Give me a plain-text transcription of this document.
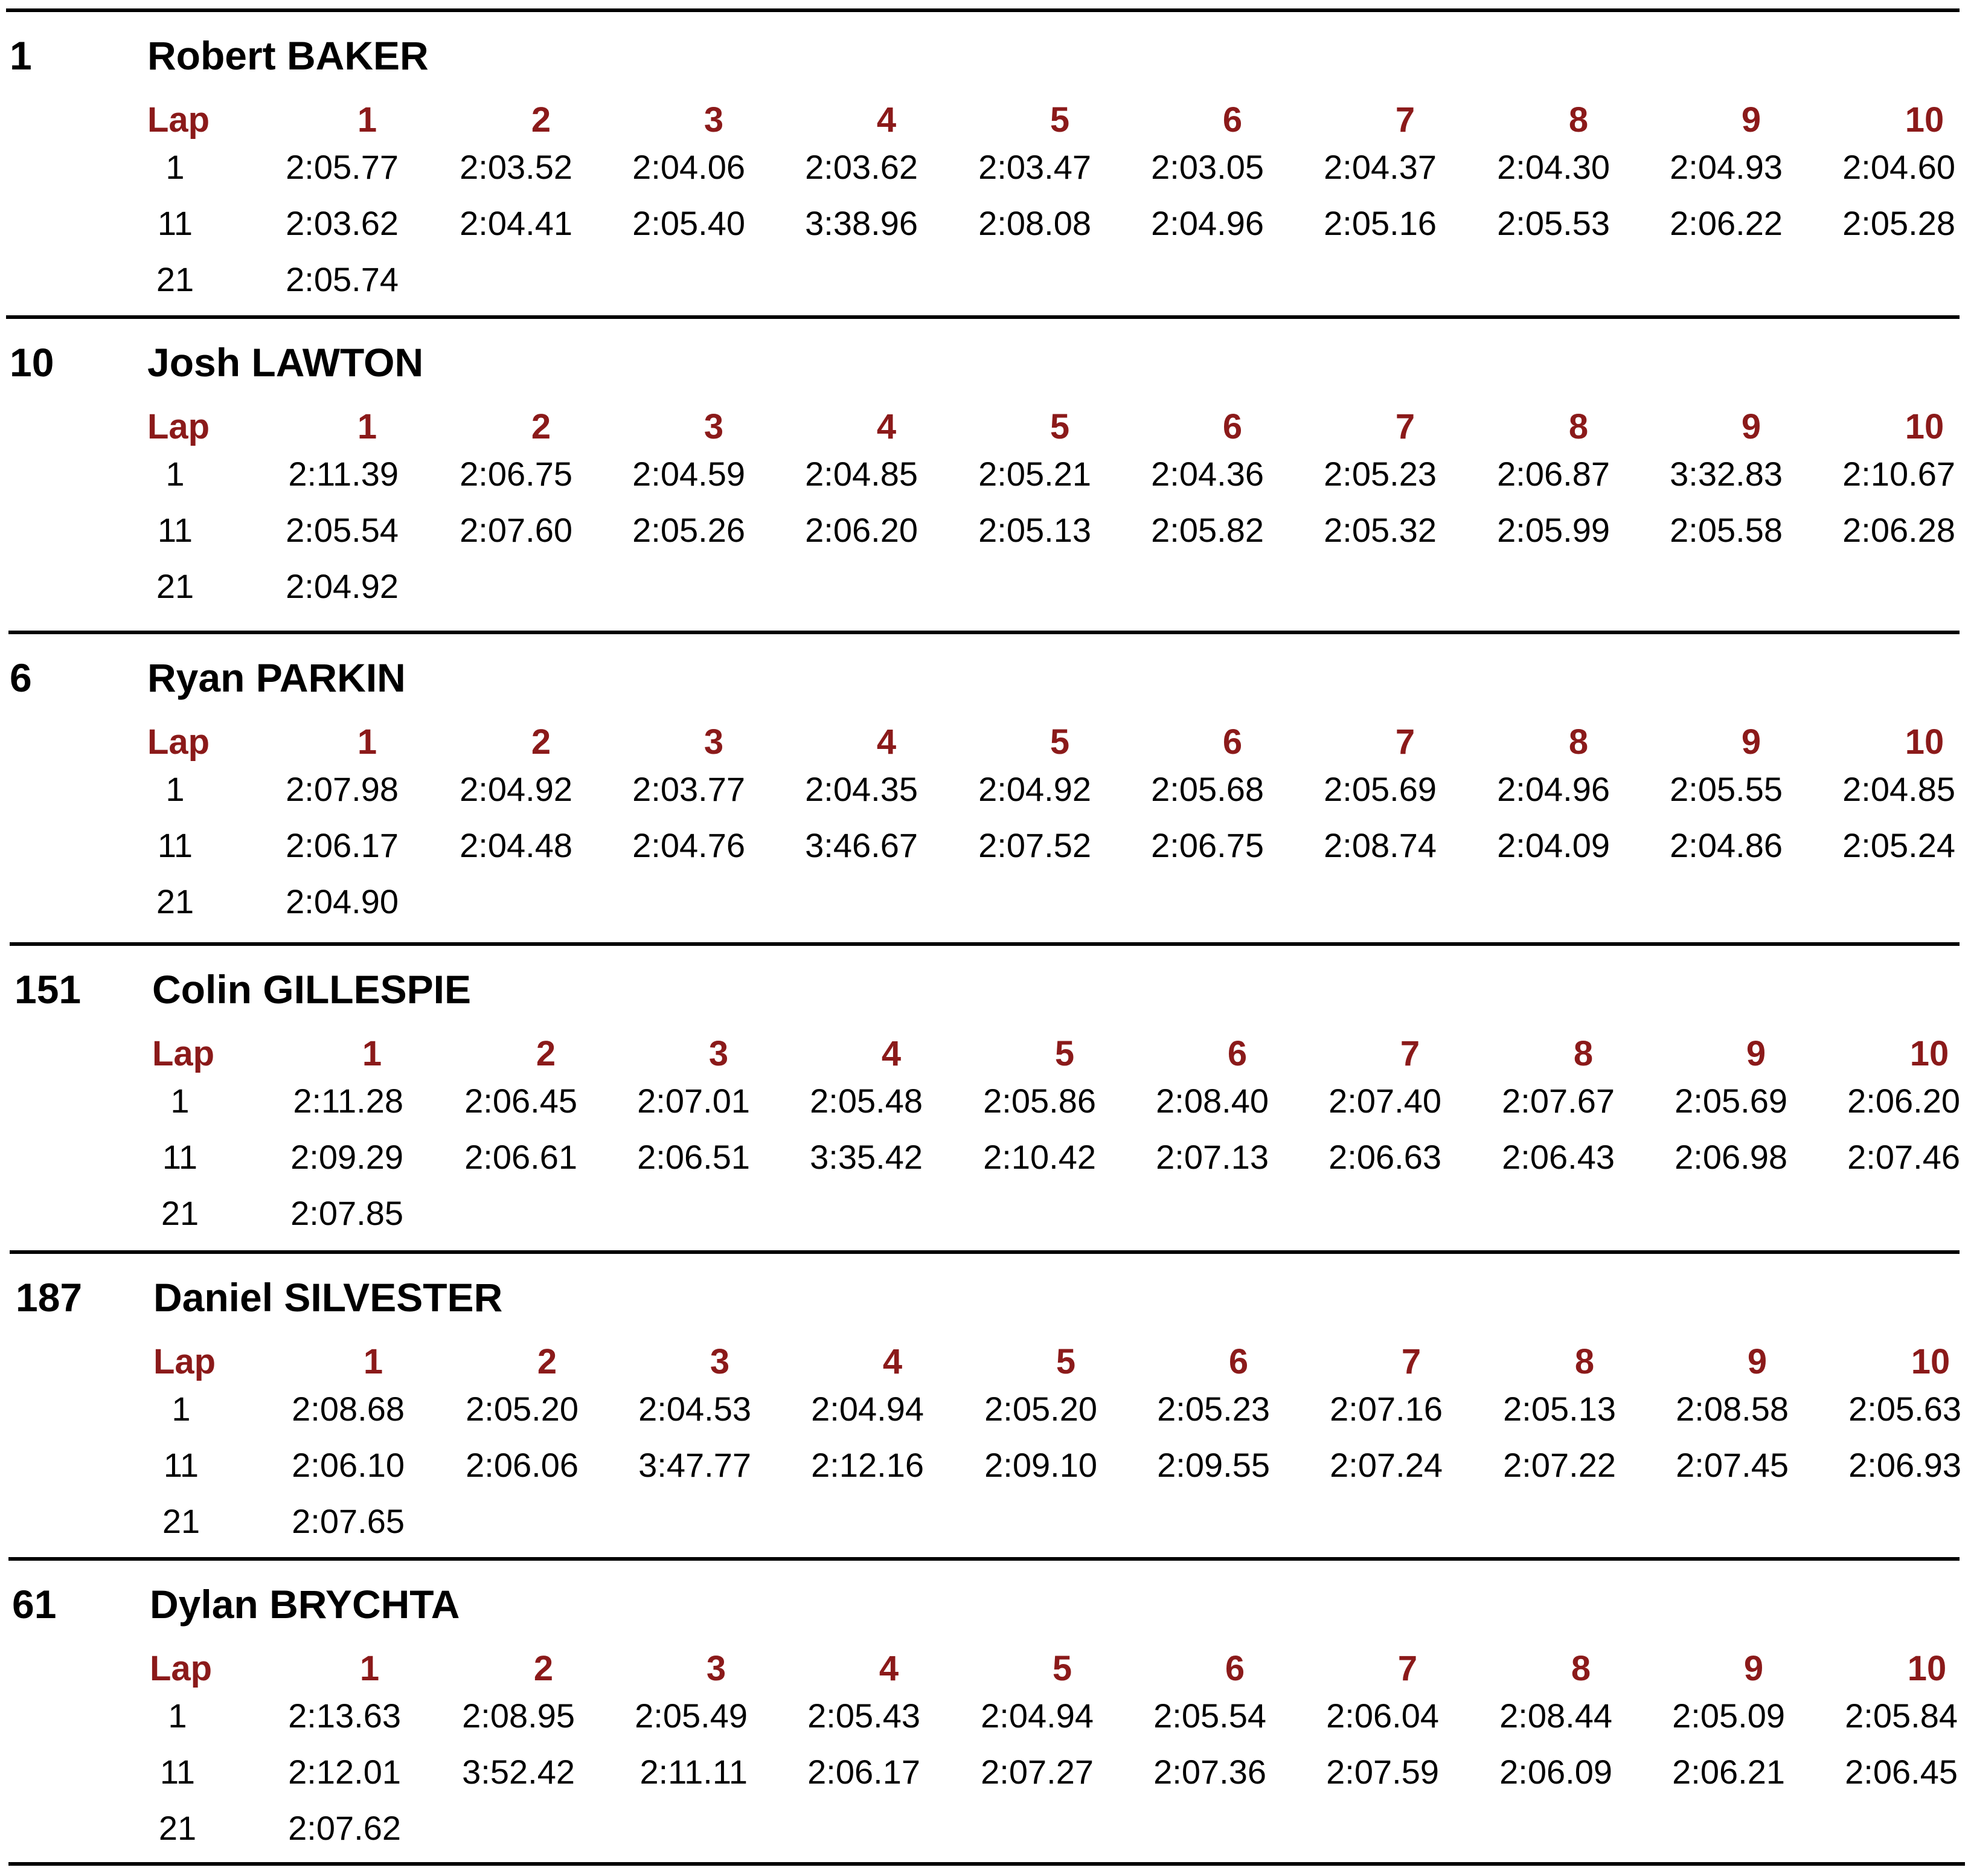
1	Robert BAKER
Lap	1	2	3	4	5	6	7	8	9	10
1	2:05.77	2:03.52	2:04.06	2:03.62	2:03.47	2:03.05	2:04.37	2:04.30	2:04.93	2:04.60
11	2:03.62	2:04.41	2:05.40	3:38.96	2:08.08	2:04.96	2:05.16	2:05.53	2:06.22	2:05.28
21	2:05.74
10 Josh LAWTON
Lap	1	2	3	4	5	6	7	8	9	10
1	2:11.39	2:06.75	2:04.59	2:04.85	2:05.21	2:04.36	2:05.23	2:06.87	3:32.83	2:10.67
11	2:05.54	2:07.60	2:05.26	2:06.20	2:05.13	2:05.82	2:05.32	2:05.99	2:05.58	2:06.28
21	2:04.92
6	Ryan PARKIN
Lap	1	2	3	4	5	6	7	8	9	10
1	2:07.98	2:04.92	2:03.77	2:04.35	2:04.92	2:05.68	2:05.69	2:04.96	2:05.55	2:04.85
11	2:06.17	2:04.48	2:04.76	3:46.67	2:07.52	2:06.75	2:08.74	2:04.09	2:04.86	2:05.24
21	2:04.90
151 Colin GILLESPIE
Lap	1	2	3	4	5	6	7	8	9	10
1	2:11.28	2:06.45	2:07.01	2:05.48	2:05.86	2:08.40	2:07.40	2:07.67	2:05.69	2:06.20
11	2:09.29	2:06.61	2:06.51	3:35.42	2:10.42	2:07.13	2:06.63	2:06.43	2:06.98	2:07.46
21	2:07.85
187 Daniel SILVESTER
Lap	1	2	3	4	5	6	7	8	9	10
1	2:08.68	2:05.20	2:04.53	2:04.94	2:05.20	2:05.23	2:07.16	2:05.13	2:08.58	2:05.63
11	2:06.10	2:06.06	3:47.77	2:12.16	2:09.10	2:09.55	2:07.24	2:07.22	2:07.45	2:06.93
21	2:07.65
61 Dylan BRYCHTA
Lap	1	2	3	4	5	6	7	8	9	10
1	2:13.63	2:08.95	2:05.49	2:05.43	2:04.94	2:05.54	2:06.04	2:08.44	2:05.09	2:05.84
11	2:12.01	3:52.42	2:11.11	2:06.17	2:07.27	2:07.36	2:07.59	2:06.09	2:06.21	2:06.45
21	2:07.62
